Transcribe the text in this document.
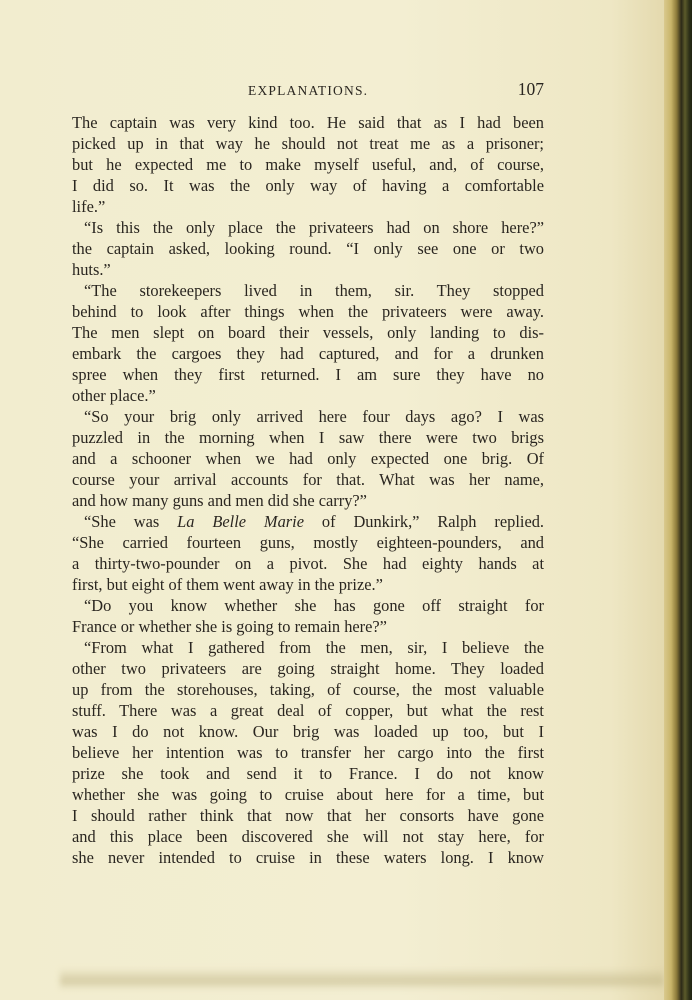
EXPLANATIONS.	107
The captain was very kind too. He said that as I had been
picked up in that way he should not treat me as a prisoner;
but he expected me to make myself useful, and, of course,
I did so. It was the only way of having a comfortable
life.”
“Is this the only place the privateers had on shore here?”
the captain asked, looking round. “I only see one or two
huts.”
“The storekeepers lived in them, sir. They stopped
behind to look after things when the privateers were away.
The men slept on board their vessels, only landing to dis-
embark the cargoes they had captured, and for a drunken
spree when they first returned. I am sure they have no
other place.”
“So your brig only arrived here four days ago? I was
puzzled in the morning when I saw there were two brigs
and a schooner when we had only expected one brig. Of
course your arrival accounts for that. What was her name,
and how many guns and men did she carry?”
“She was La Belle Marie of Dunkirk,” Ralph replied.
“She carried fourteen guns, mostly eighteen-pounders, and
a thirty-two-pounder on a pivot. She had eighty hands at
first, but eight of them went away in the prize.”
“Do you know whether she has gone off straight for
France or whether she is going to remain here?”
“From what I gathered from the men, sir, I believe the
other two privateers are going straight home. They loaded
up from the storehouses, taking, of course, the most valuable
stuff. There was a great deal of copper, but what the rest
was I do not know. Our brig was loaded up too, but I
believe her intention was to transfer her cargo into the first
prize she took and send it to France. I do not know
whether she was going to cruise about here for a time, but
I should rather think that now that her consorts have gone
and this place been discovered she will not stay here, for
she never intended to cruise in these waters long. I know
